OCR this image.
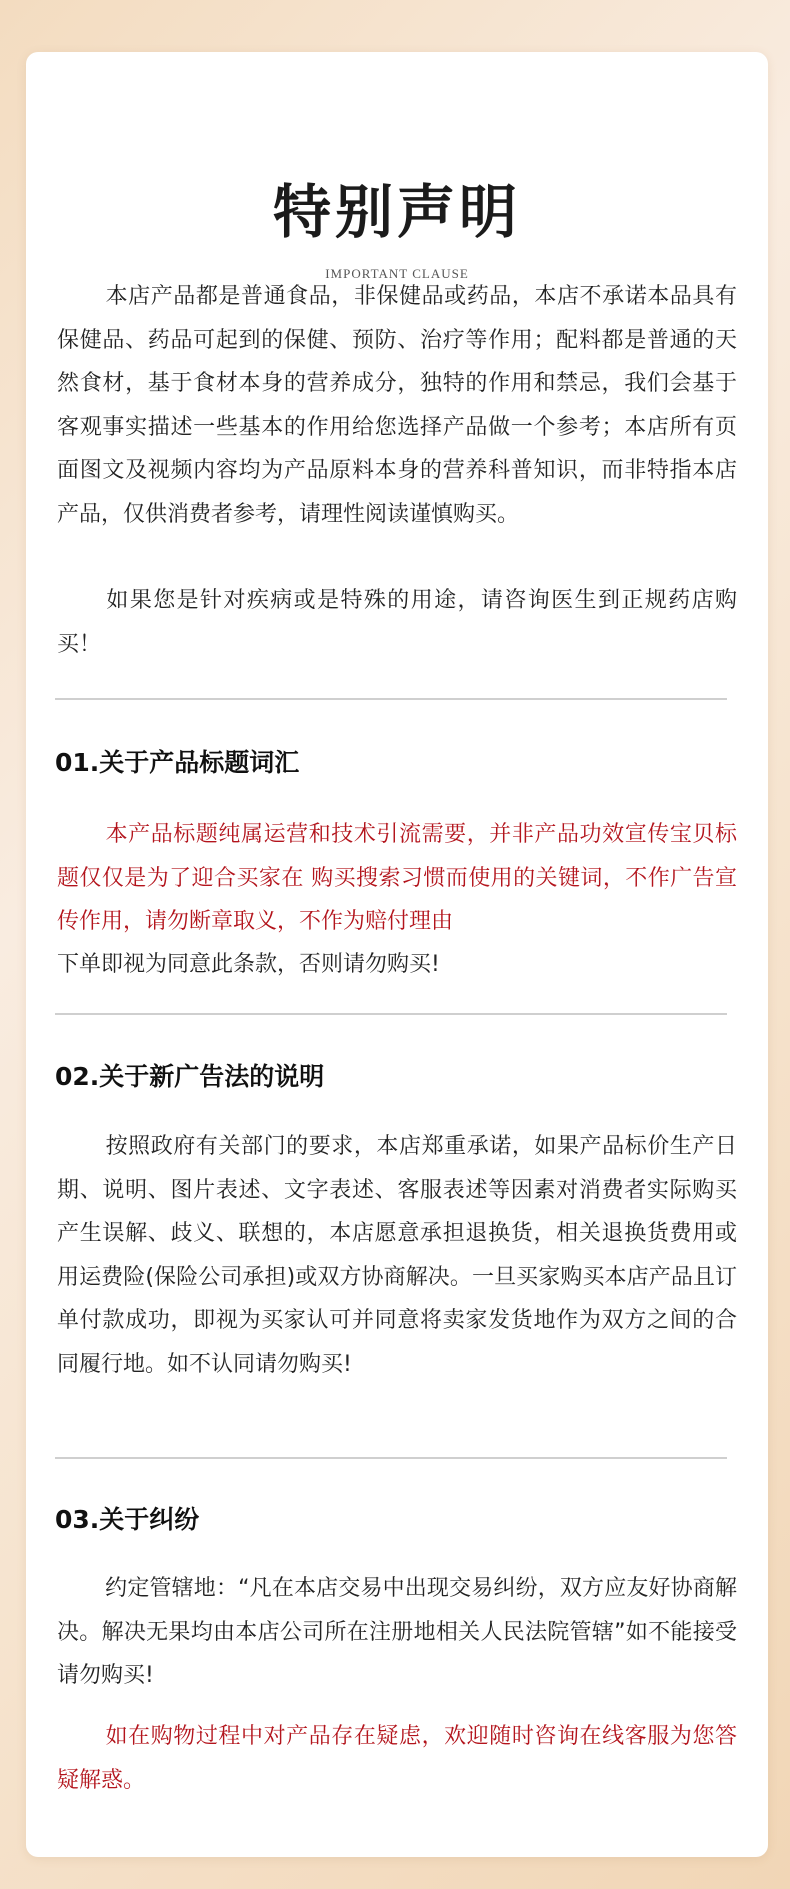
特别声明
IMPORTANT CLAUSE

本店产品都是普通食品，非保健品或药品，本店不承诺本品具有保健品、药品可起到的保健、预防、治疗等作用；配料都是普通的天然食材，基于食材本身的营养成分，独特的作用和禁忌，我们会基于客观事实描述一些基本的作用给您选择产品做一个参考；本店所有页面图文及视频内容均为产品原料本身的营养科普知识，而非特指本店产品，仅供消费者参考，请理性阅读谨慎购买。

如果您是针对疾病或是特殊的用途，请咨询医生到正规药店购买！

01.关于产品标题词汇

本产品标题纯属运营和技术引流需要，并非产品功效宣传宝贝标题仅仅是为了迎合买家在 购买搜索习惯而使用的关键词，不作广告宣传作用，请勿断章取义，不作为赔付理由

下单即视为同意此条款，否则请勿购买!

02.关于新广告法的说明

按照政府有关部门的要求，本店郑重承诺，如果产品标价生产日期、说明、图片表述、文字表述、客服表述等因素对消费者实际购买产生误解、歧义、联想的，本店愿意承担退换货，相关退换货费用或用运费险(保险公司承担)或双方协商解决。一旦买家购买本店产品且订单付款成功，即视为买家认可并同意将卖家发货地作为双方之间的合同履行地。如不认同请勿购买!

03.关于纠纷

约定管辖地：“凡在本店交易中出现交易纠纷，双方应友好协商解决。解决无果均由本店公司所在注册地相关人民法院管辖”如不能接受请勿购买!

如在购物过程中对产品存在疑虑，欢迎随时咨询在线客服为您答疑解惑。
